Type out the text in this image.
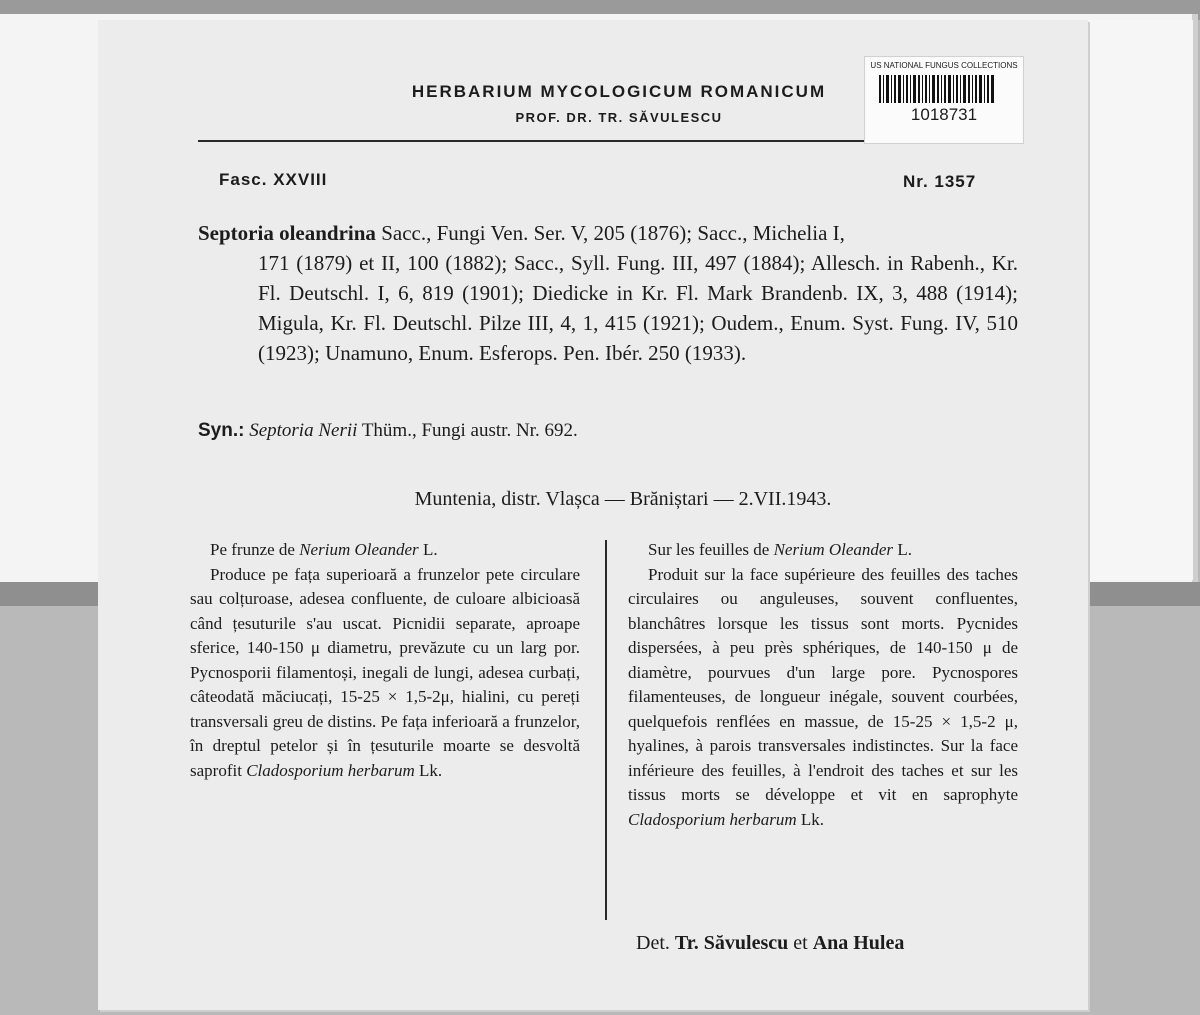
HERBARIUM MYCOLOGICUM ROMANICUM
PROF. DR. TR. SĂVULESCU
US NATIONAL FUNGUS COLLECTIONS
1018731
Fasc. XXVIII	Nr. 1357
Septoria oleandrina Sacc., Fungi Ven. Ser. V, 205 (1876); Sacc., Michelia I,
171 (1879) et II, 100 (1882); Sacc., Syll. Fung. III, 497 (1884); Allesch. in Rabenh., Kr. Fl. Deutschl. I, 6, 819 (1901); Diedicke in Kr. Fl. Mark Brandenb. IX, 3, 488 (1914); Migula, Kr. Fl. Deutschl. Pilze III, 4, 1, 415 (1921); Oudem., Enum. Syst. Fung. IV, 510 (1923); Unamuno, Enum. Esferops. Pen. Ibér. 250 (1933).
Syn.: Septoria Nerii Thüm., Fungi austr. Nr. 692.
Muntenia, distr. Vlașca — Brăniștari — 2.VII.1943.
Pe frunze de Nerium Oleander L.
Produce pe fața superioară a frunzelor pete circulare sau colțuroase, adesea confluente, de culoare albicioasă când țesuturile s'au uscat. Picnidii separate, aproape sferice, 140-150 μ diametru, prevăzute cu un larg por. Pycnosporii filamentoși, inegali de lungi, adesea curbați, câteodată măciucați, 15-25 × 1,5-2μ, hialini, cu pereți transversali greu de distins. Pe fața inferioară a frunzelor, în dreptul petelor și în țesuturile moarte se desvoltă saprofit Cladosporium herbarum Lk.
Sur les feuilles de Nerium Oleander L.
Produit sur la face supérieure des feuilles des taches circulaires ou anguleuses, souvent confluentes, blanchâtres lorsque les tissus sont morts. Pycnides dispersées, à peu près sphériques, de 140-150 μ de diamètre, pourvues d'un large pore. Pycnospores filamenteuses, de longueur inégale, souvent courbées, quelquefois renflées en massue, de 15-25 × 1,5-2 μ, hyalines, à parois transversales indistinctes. Sur la face inférieure des feuilles, à l'endroit des taches et sur les tissus morts se développe et vit en saprophyte Cladosporium herbarum Lk.
Det. Tr. Săvulescu et Ana Hulea
